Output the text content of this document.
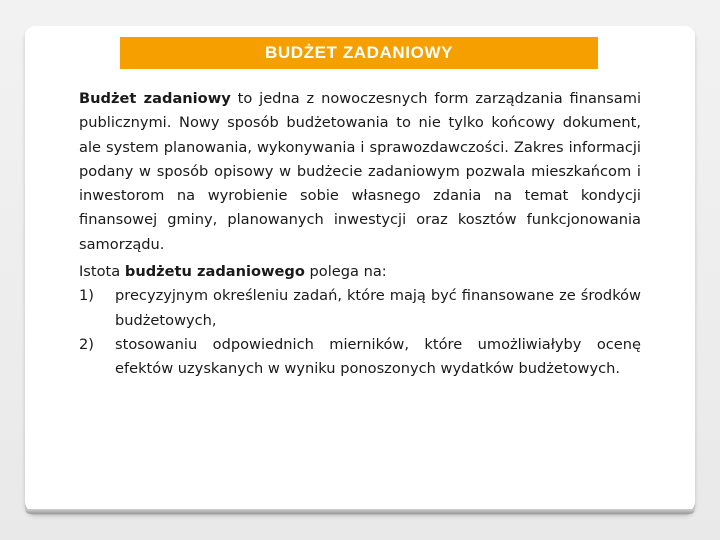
BUDŻET ZADANIOWY

Budżet zadaniowy to jedna z nowoczesnych form zarządzania finansami publicznymi. Nowy sposób budżetowania to nie tylko końcowy dokument, ale system planowania, wykonywania i sprawozdawczości. Zakres informacji podany w sposób opisowy w budżecie zadaniowym pozwala mieszkańcom i inwestorom na wyrobienie sobie własnego zdania na temat kondycji finansowej gminy, planowanych inwestycji oraz kosztów funkcjonowania samorządu.

Istota budżetu zadaniowego polega na:

1) precyzyjnym określeniu zadań, które mają być finansowane ze środków budżetowych,
2) stosowaniu odpowiednich mierników, które umożliwiałyby ocenę efektów uzyskanych w wyniku ponoszonych wydatków budżetowych.
